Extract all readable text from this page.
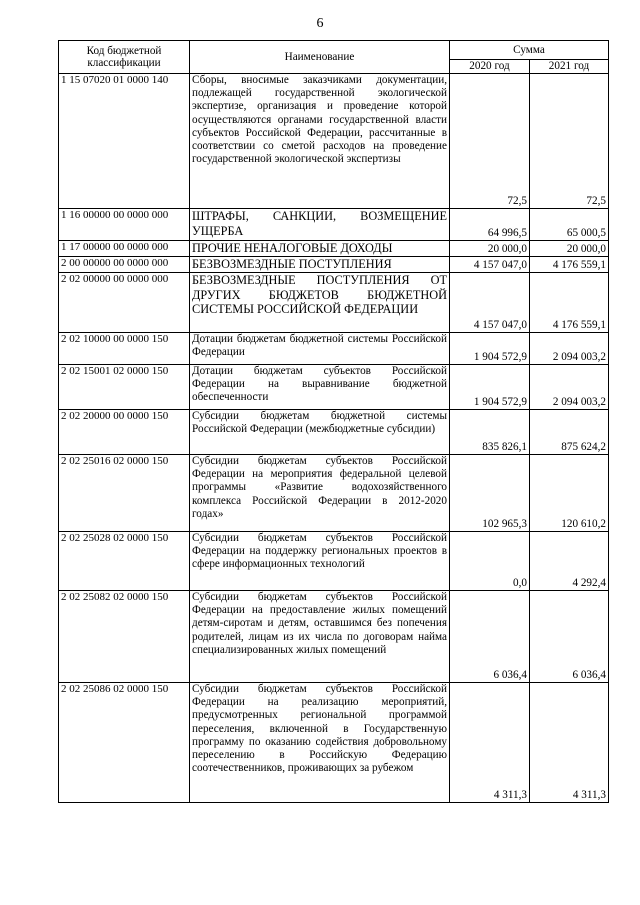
6
Код бюджетной классификации	Наименование	Сумма	
		2020 год	2021 год
1 15 07020 01 0000 140	Сборы, вносимые заказчиками документации, подлежащей государственной экологической экспертизе, организация и проведение которой осуществляются органами государственной власти субъектов Российской Федерации, рассчитанные в соответствии со сметой расходов на проведение государственной экологической экспертизы	72,5	72,5
1 16 00000 00 0000 000	ШТРАФЫ, САНКЦИИ, ВОЗМЕЩЕНИЕ УЩЕРБА	64 996,5	65 000,5
1 17 00000 00 0000 000	ПРОЧИЕ НЕНАЛОГОВЫЕ ДОХОДЫ	20 000,0	20 000,0
2 00 00000 00 0000 000	БЕЗВОЗМЕЗДНЫЕ ПОСТУПЛЕНИЯ	4 157 047,0	4 176 559,1
2 02 00000 00 0000 000	БЕЗВОЗМЕЗДНЫЕ ПОСТУПЛЕНИЯ ОТ ДРУГИХ БЮДЖЕТОВ БЮДЖЕТНОЙ СИСТЕМЫ РОССИЙСКОЙ ФЕДЕРАЦИИ	4 157 047,0	4 176 559,1
2 02 10000 00 0000 150	Дотации бюджетам бюджетной системы Российской Федерации	1 904 572,9	2 094 003,2
2 02 15001 02 0000 150	Дотации бюджетам субъектов Российской Федерации на выравнивание бюджетной обеспеченности	1 904 572,9	2 094 003,2
2 02 20000 00 0000 150	Субсидии бюджетам бюджетной системы Российской Федерации (межбюджетные субсидии)	835 826,1	875 624,2
2 02 25016 02 0000 150	Субсидии бюджетам субъектов Российской Федерации на мероприятия федеральной целевой программы «Развитие водохозяйственного комплекса Российской Федерации в 2012-2020 годах»	102 965,3	120 610,2
2 02 25028 02 0000 150	Субсидии бюджетам субъектов Российской Федерации на поддержку региональных проектов в сфере информационных технологий	0,0	4 292,4
2 02 25082 02 0000 150	Субсидии бюджетам субъектов Российской Федерации на предоставление жилых помещений детям-сиротам и детям, оставшимся без попечения родителей, лицам из их числа по договорам найма специализированных жилых помещений	6 036,4	6 036,4
2 02 25086 02 0000 150	Субсидии бюджетам субъектов Российской Федерации на реализацию мероприятий, предусмотренных региональной программой переселения, включенной в Государственную программу по оказанию содействия добровольному переселению в Российскую Федерацию соотечественников, проживающих за рубежом	4 311,3	4 311,3
